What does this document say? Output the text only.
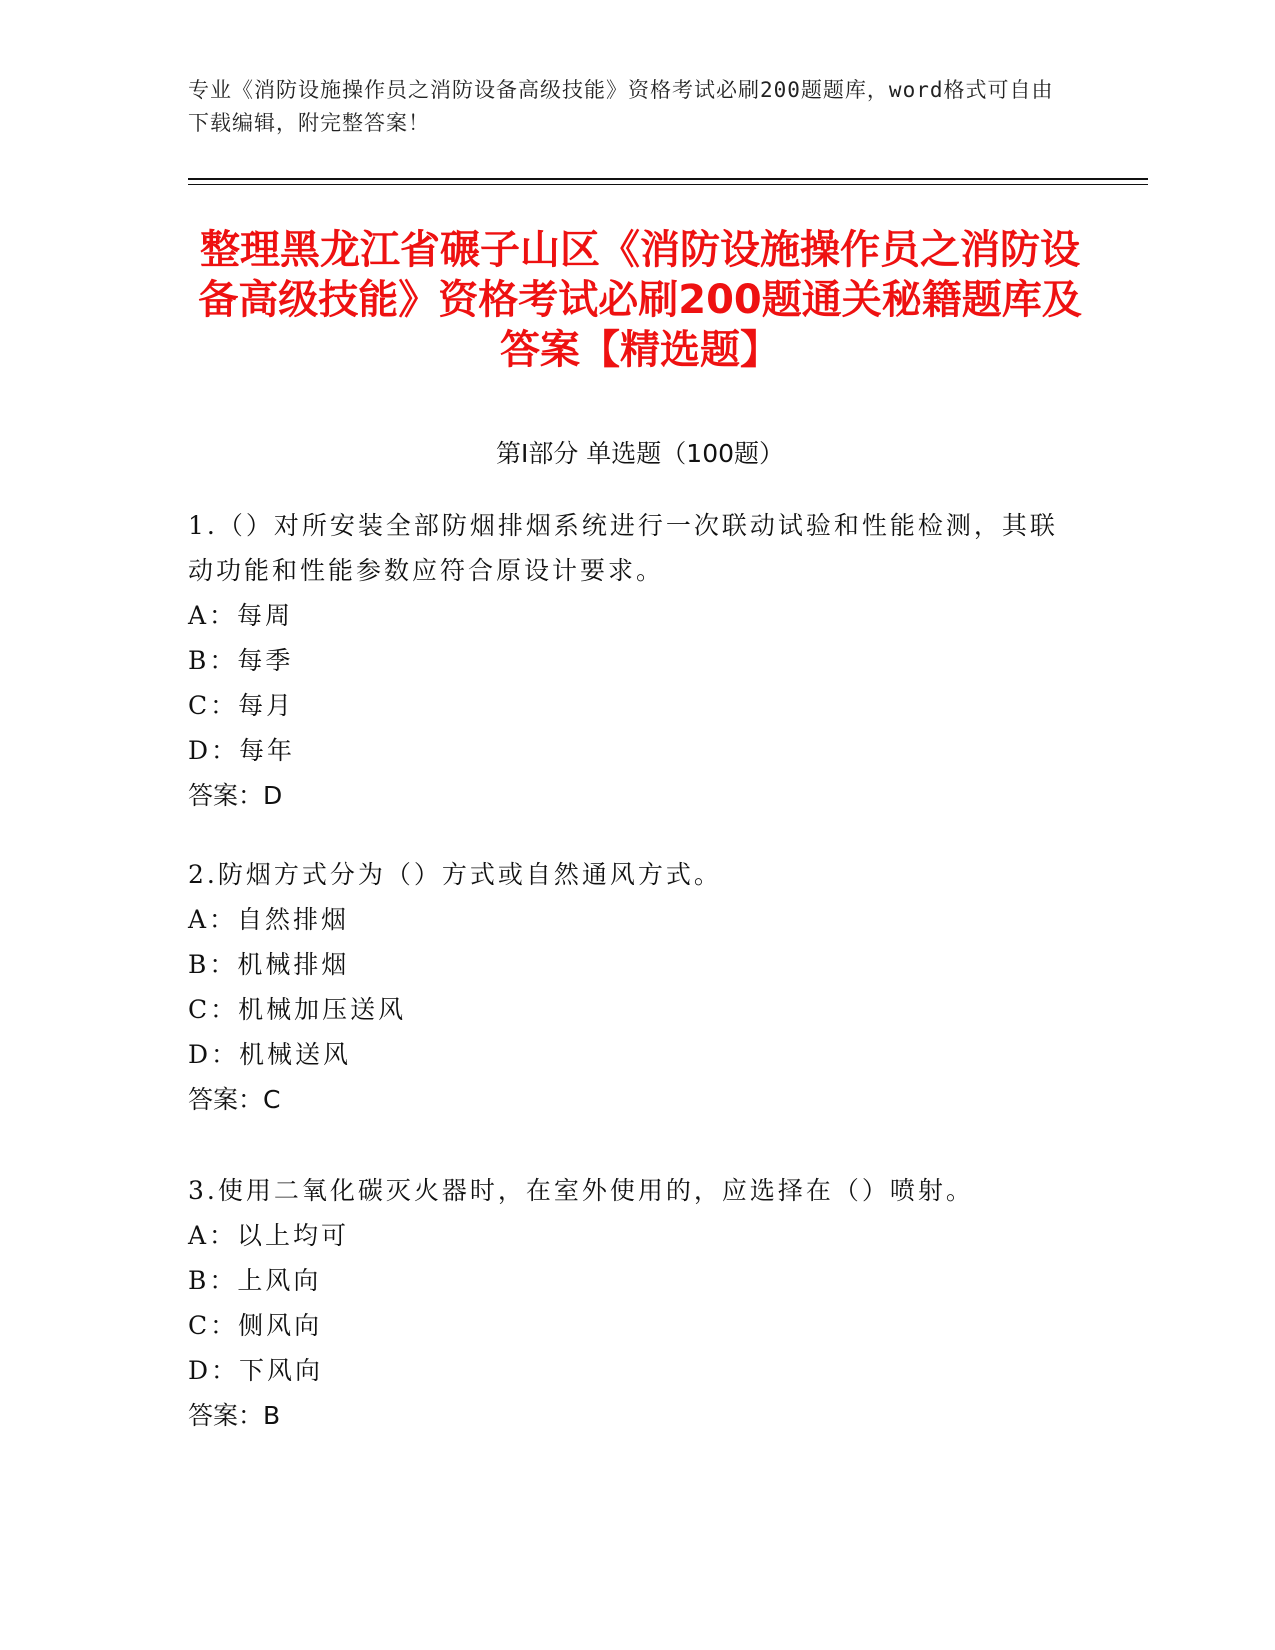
专业《消防设施操作员之消防设备高级技能》资格考试必刷200题题库，word格式可自由下载编辑，附完整答案！
整理黑龙江省碾子山区《消防设施操作员之消防设备高级技能》资格考试必刷200题通关秘籍题库及答案【精选题】
第Ⅰ部分 单选题（100题）

1.（）对所安装全部防烟排烟系统进行一次联动试验和性能检测，其联动功能和性能参数应符合原设计要求。

A：每周

B：每季

C：每月

D：每年

答案：D

2.防烟方式分为（）方式或自然通风方式。

A：自然排烟

B：机械排烟

C：机械加压送风

D：机械送风

答案：C

3.使用二氧化碳灭火器时，在室外使用的，应选择在（）喷射。

A：以上均可

B：上风向

C：侧风向

D：下风向

答案：B
